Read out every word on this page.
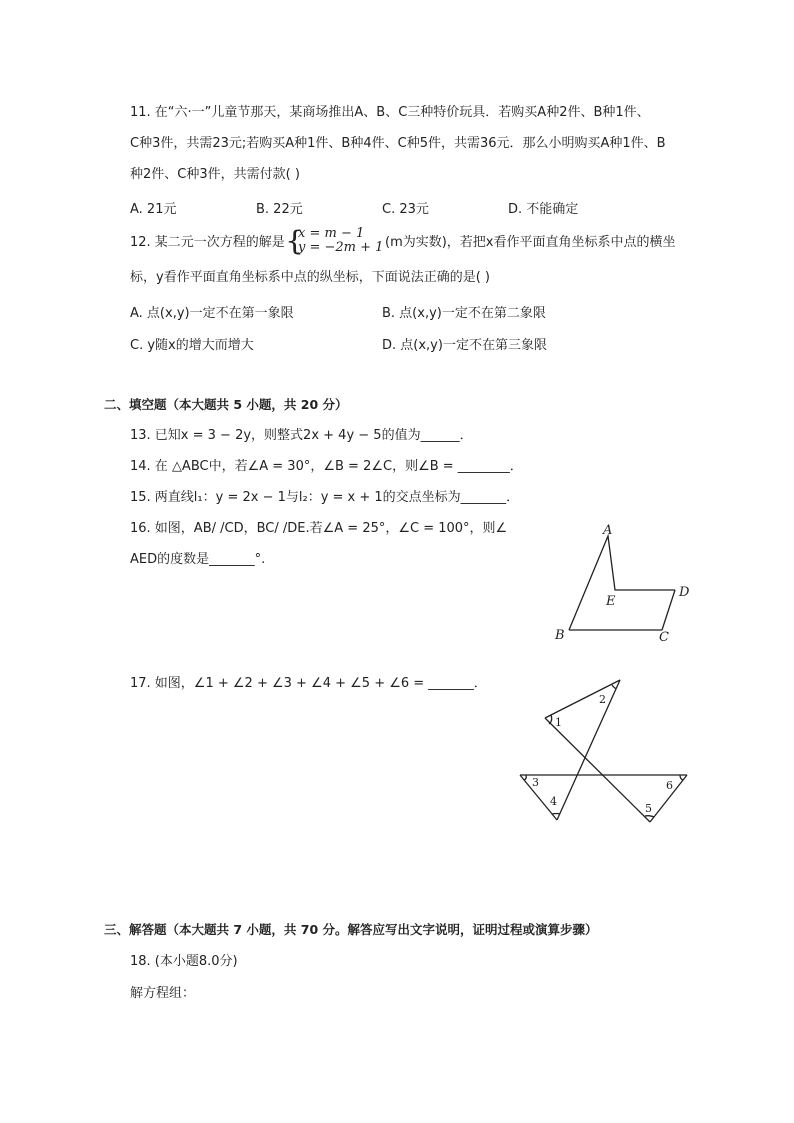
11. 在“六·一”儿童节那天，某商场推出A、B、C三种特价玩具．若购买A种2件、B种1件、
C种3件，共需23元;若购买A种1件、B种4件、C种5件，共需36元．那么小明购买A种1件、B
种2件、C种3件，共需付款( )
A. 21元	B. 22元	C. 23元	D. 不能确定
12. 某二元一次方程的解是 {
x = m − 1
y = −2m + 1 (m为实数)，若把x看作平面直角坐标系中点的横坐
标，y看作平面直角坐标系中点的纵坐标，下面说法正确的是( )
A. 点(x,y)一定不在第一象限	B. 点(x,y)一定不在第二象限
C. y随x的增大而增大	D. 点(x,y)一定不在第三象限
二、填空题（本大题共 5 小题，共 20 分）
13. 已知x = 3 − 2y，则整式2x + 4y − 5的值为______．
14. 在 △ABC中，若∠A = 30°，∠B = 2∠C，则∠B = ________．
15. 两直线l₁：y = 2x − 1与l₂：y = x + 1的交点坐标为_______．
16. 如图，AB/ /CD，BC/ /DE.若∠A = 25°，∠C = 100°，则∠
AED的度数是_______°.
A
E
D
B	C
17. 如图，∠1 + ∠2 + ∠3 + ∠4 + ∠5 + ∠6 = _______．
1
2
3
4
5
6
三、解答题（本大题共 7 小题，共 70 分。解答应写出文字说明，证明过程或演算步骤）
18. (本小题8.0分)
解方程组：
